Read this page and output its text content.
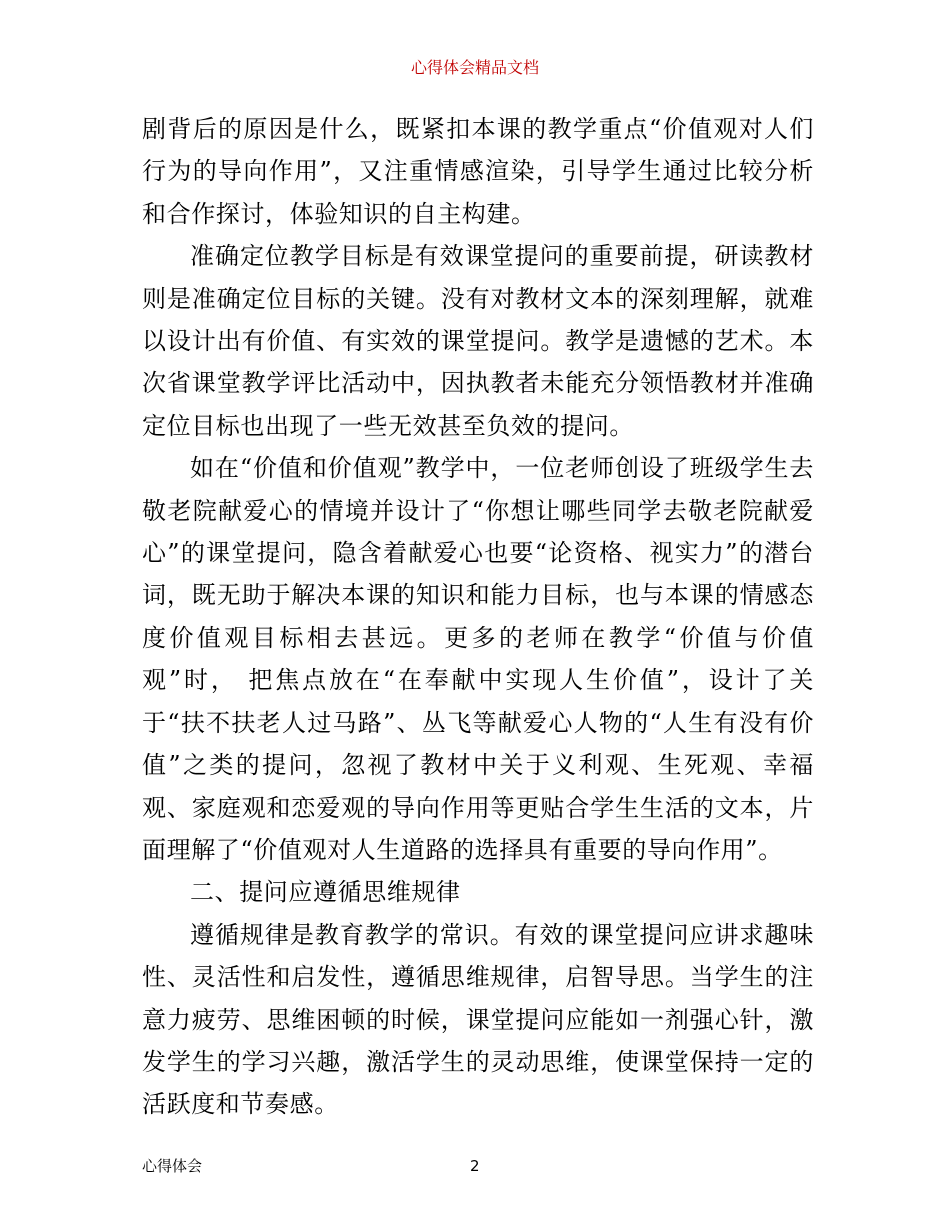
心得体会精品文档

剧背后的原因是什么，既紧扣本课的教学重点“价值观对人们行为的导向作用”，又注重情感渲染，引导学生通过比较分析和合作探讨，体验知识的自主构建。

准确定位教学目标是有效课堂提问的重要前提，研读教材则是准确定位目标的关键。没有对教材文本的深刻理解，就难以设计出有价值、有实效的课堂提问。教学是遗憾的艺术。本次省课堂教学评比活动中，因执教者未能充分领悟教材并准确定位目标也出现了一些无效甚至负效的提问。

如在“价值和价值观”教学中，一位老师创设了班级学生去敬老院献爱心的情境并设计了“你想让哪些同学去敬老院献爱心”的课堂提问，隐含着献爱心也要“论资格、视实力”的潜台词，既无助于解决本课的知识和能力目标，也与本课的情感态度价值观目标相去甚远。更多的老师在教学“价值与价值观”时， 把焦点放在“在奉献中实现人生价值”，设计了关于“扶不扶老人过马路”、丛飞等献爱心人物的“人生有没有价值”之类的提问，忽视了教材中关于义利观、生死观、幸福观、家庭观和恋爱观的导向作用等更贴合学生生活的文本，片面理解了“价值观对人生道路的选择具有重要的导向作用”。

二、提问应遵循思维规律

遵循规律是教育教学的常识。有效的课堂提问应讲求趣味性、灵活性和启发性，遵循思维规律，启智导思。当学生的注意力疲劳、思维困顿的时候，课堂提问应能如一剂强心针，激发学生的学习兴趣，激活学生的灵动思维，使课堂保持一定的活跃度和节奏感。

心得体会	2
